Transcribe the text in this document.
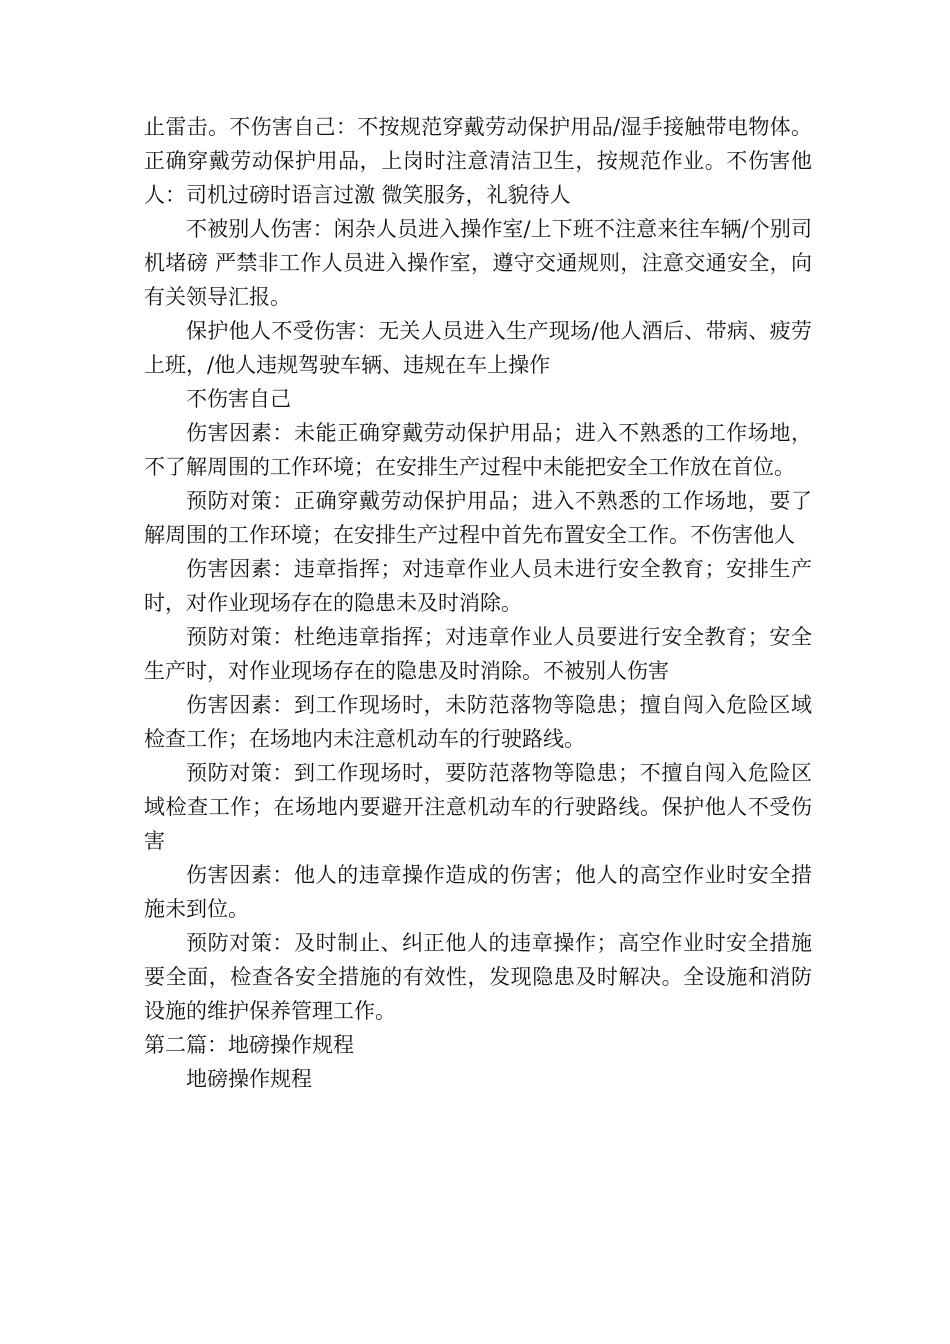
止雷击。不伤害自己：不按规范穿戴劳动保护用品/湿手接触带电物体。正确穿戴劳动保护用品，上岗时注意清洁卫生，按规范作业。不伤害他人：司机过磅时语言过激 微笑服务，礼貌待人

不被别人伤害：闲杂人员进入操作室/上下班不注意来往车辆/个别司机堵磅 严禁非工作人员进入操作室，遵守交通规则，注意交通安全，向有关领导汇报。

保护他人不受伤害：无关人员进入生产现场/他人酒后、带病、疲劳上班，/他人违规驾驶车辆、违规在车上操作

不伤害自己

伤害因素：未能正确穿戴劳动保护用品；进入不熟悉的工作场地，不了解周围的工作环境；在安排生产过程中未能把安全工作放在首位。

预防对策：正确穿戴劳动保护用品；进入不熟悉的工作场地，要了解周围的工作环境；在安排生产过程中首先布置安全工作。不伤害他人

伤害因素：违章指挥；对违章作业人员未进行安全教育；安排生产时，对作业现场存在的隐患未及时消除。

预防对策：杜绝违章指挥；对违章作业人员要进行安全教育；安全生产时，对作业现场存在的隐患及时消除。不被别人伤害

伤害因素：到工作现场时，未防范落物等隐患；擅自闯入危险区域检查工作；在场地内未注意机动车的行驶路线。

预防对策：到工作现场时，要防范落物等隐患；不擅自闯入危险区域检查工作；在场地内要避开注意机动车的行驶路线。保护他人不受伤害

伤害因素：他人的违章操作造成的伤害；他人的高空作业时安全措施未到位。

预防对策：及时制止、纠正他人的违章操作；高空作业时安全措施要全面，检查各安全措施的有效性，发现隐患及时解决。全设施和消防设施的维护保养管理工作。

第二篇：地磅操作规程

地磅操作规程
